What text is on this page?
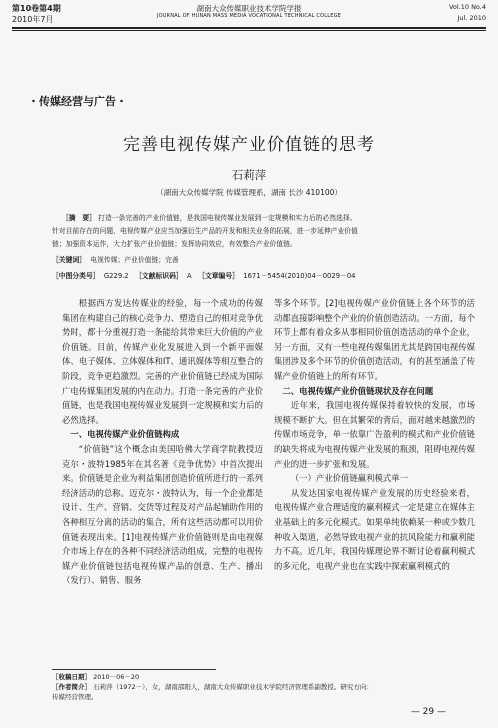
第10卷第4期
2010年7月
湖南大众传媒职业技术学院学报
JOURNAL OF HUNAN MASS MEDIA VOCATIONAL TECHNICAL COLLEGE
Vol.10 No.4
Jul. 2010
・传媒经营与广告・
完善电视传媒产业价值链的思考
石莉萍
（湖南大众传媒学院 传媒管理系，湖南 长沙 410100）

［摘　要］ 打造一条完善的产业价值链，是我国电视传媒业发展到一定规模和实力后的必然选择。

针对目前存在的问题，电视传媒产业应当加强衍生产品的开发和相关业务的拓展，进一步延伸产业价值

链；加强资本运作，大力扩张产业价值链；发挥协同效应，有效整合产业价值链。

［关键词］ 电视传媒；产业价值链；完善
［中图分类号］ G229.2 ［文献标识码］ A ［文章编号］ 1671－5454(2010)04－0029－04

根据西方发达传媒业的经验，每一个成功的传媒集团在构建自己的核心竞争力、塑造自己的相对竞争优势时，都十分重视打造一条能给其带来巨大价值的产业价值链。目前，传媒产业化发展进入到一个新平面媒体、电子媒体、立体媒体和IT、通讯媒体等相互整合的阶段，竞争更趋激烈。完善的产业价值链已经成为国际广电传媒集团发展的内在动力。打造一条完善的产业价值链，也是我国电视传媒业发展到一定规模和实力后的必然选择。

一、电视传媒产业价值链构成

“价值链”这个概念由美国哈佛大学商学院教授迈克尔・波特1985年在其名著《竞争优势》中首次提出来。价值链是企业为利益集团创造价值所进行的一系列经济活动的总称。迈克尔・波特认为，每一个企业都是设计、生产、营销、交货等过程及对产品起辅助作用的各种相互分离的活动的集合，所有这些活动都可以用价值链表现出来。[1]电视传媒产业价值链则是由电视媒介市场上存在的各种不同经济活动组成，完整的电视传媒产业价值链包括电视传媒产品的创意、生产、播出（发行）、销售、服务

等多个环节。[2]电视传媒产业价值链上各个环节的活动都直接影响整个产业的价值创造活动。一方面，每个环节上都有着众多从事相同价值创造活动的单个企业，另一方面，又有一些电视传媒集团尤其是跨国电视传媒集团涉及多个环节的价值创造活动，有的甚至涵盖了传媒产业价值链上的所有环节。

二、电视传媒产业价值链现状及存在问题

近年来，我国电视传媒保持着较快的发展，市场规模不断扩大。但在其繁荣的背后，面对越来越激烈的传媒市场竞争，单一依靠广告盈利的模式和产业价值链的缺失将成为电视传媒产业发展的瓶颈，阻碍电视传媒产业的进一步扩张和发展。

（一）产业价值链赢利模式单一

从发达国家电视传媒产业发展的历史经验来看，电视传媒产业合理适度的赢利模式一定是建立在媒体主业基础上的多元化模式。如果单纯依赖某一种或少数几种收入渠道，必然导致电视产业的抗风险能力和赢利能力不高。近几年，我国传媒理论界不断讨论着赢利模式的多元化，电视产业也在实践中探索赢利模式的

［收稿日期］ 2010－06－20
［作者简介］ 石莉萍（1972－），女，湖南邵阳人，湖南大众传媒职业技术学院经济管理系副教授。研究方向：
传媒经营管理。
— 29 —
